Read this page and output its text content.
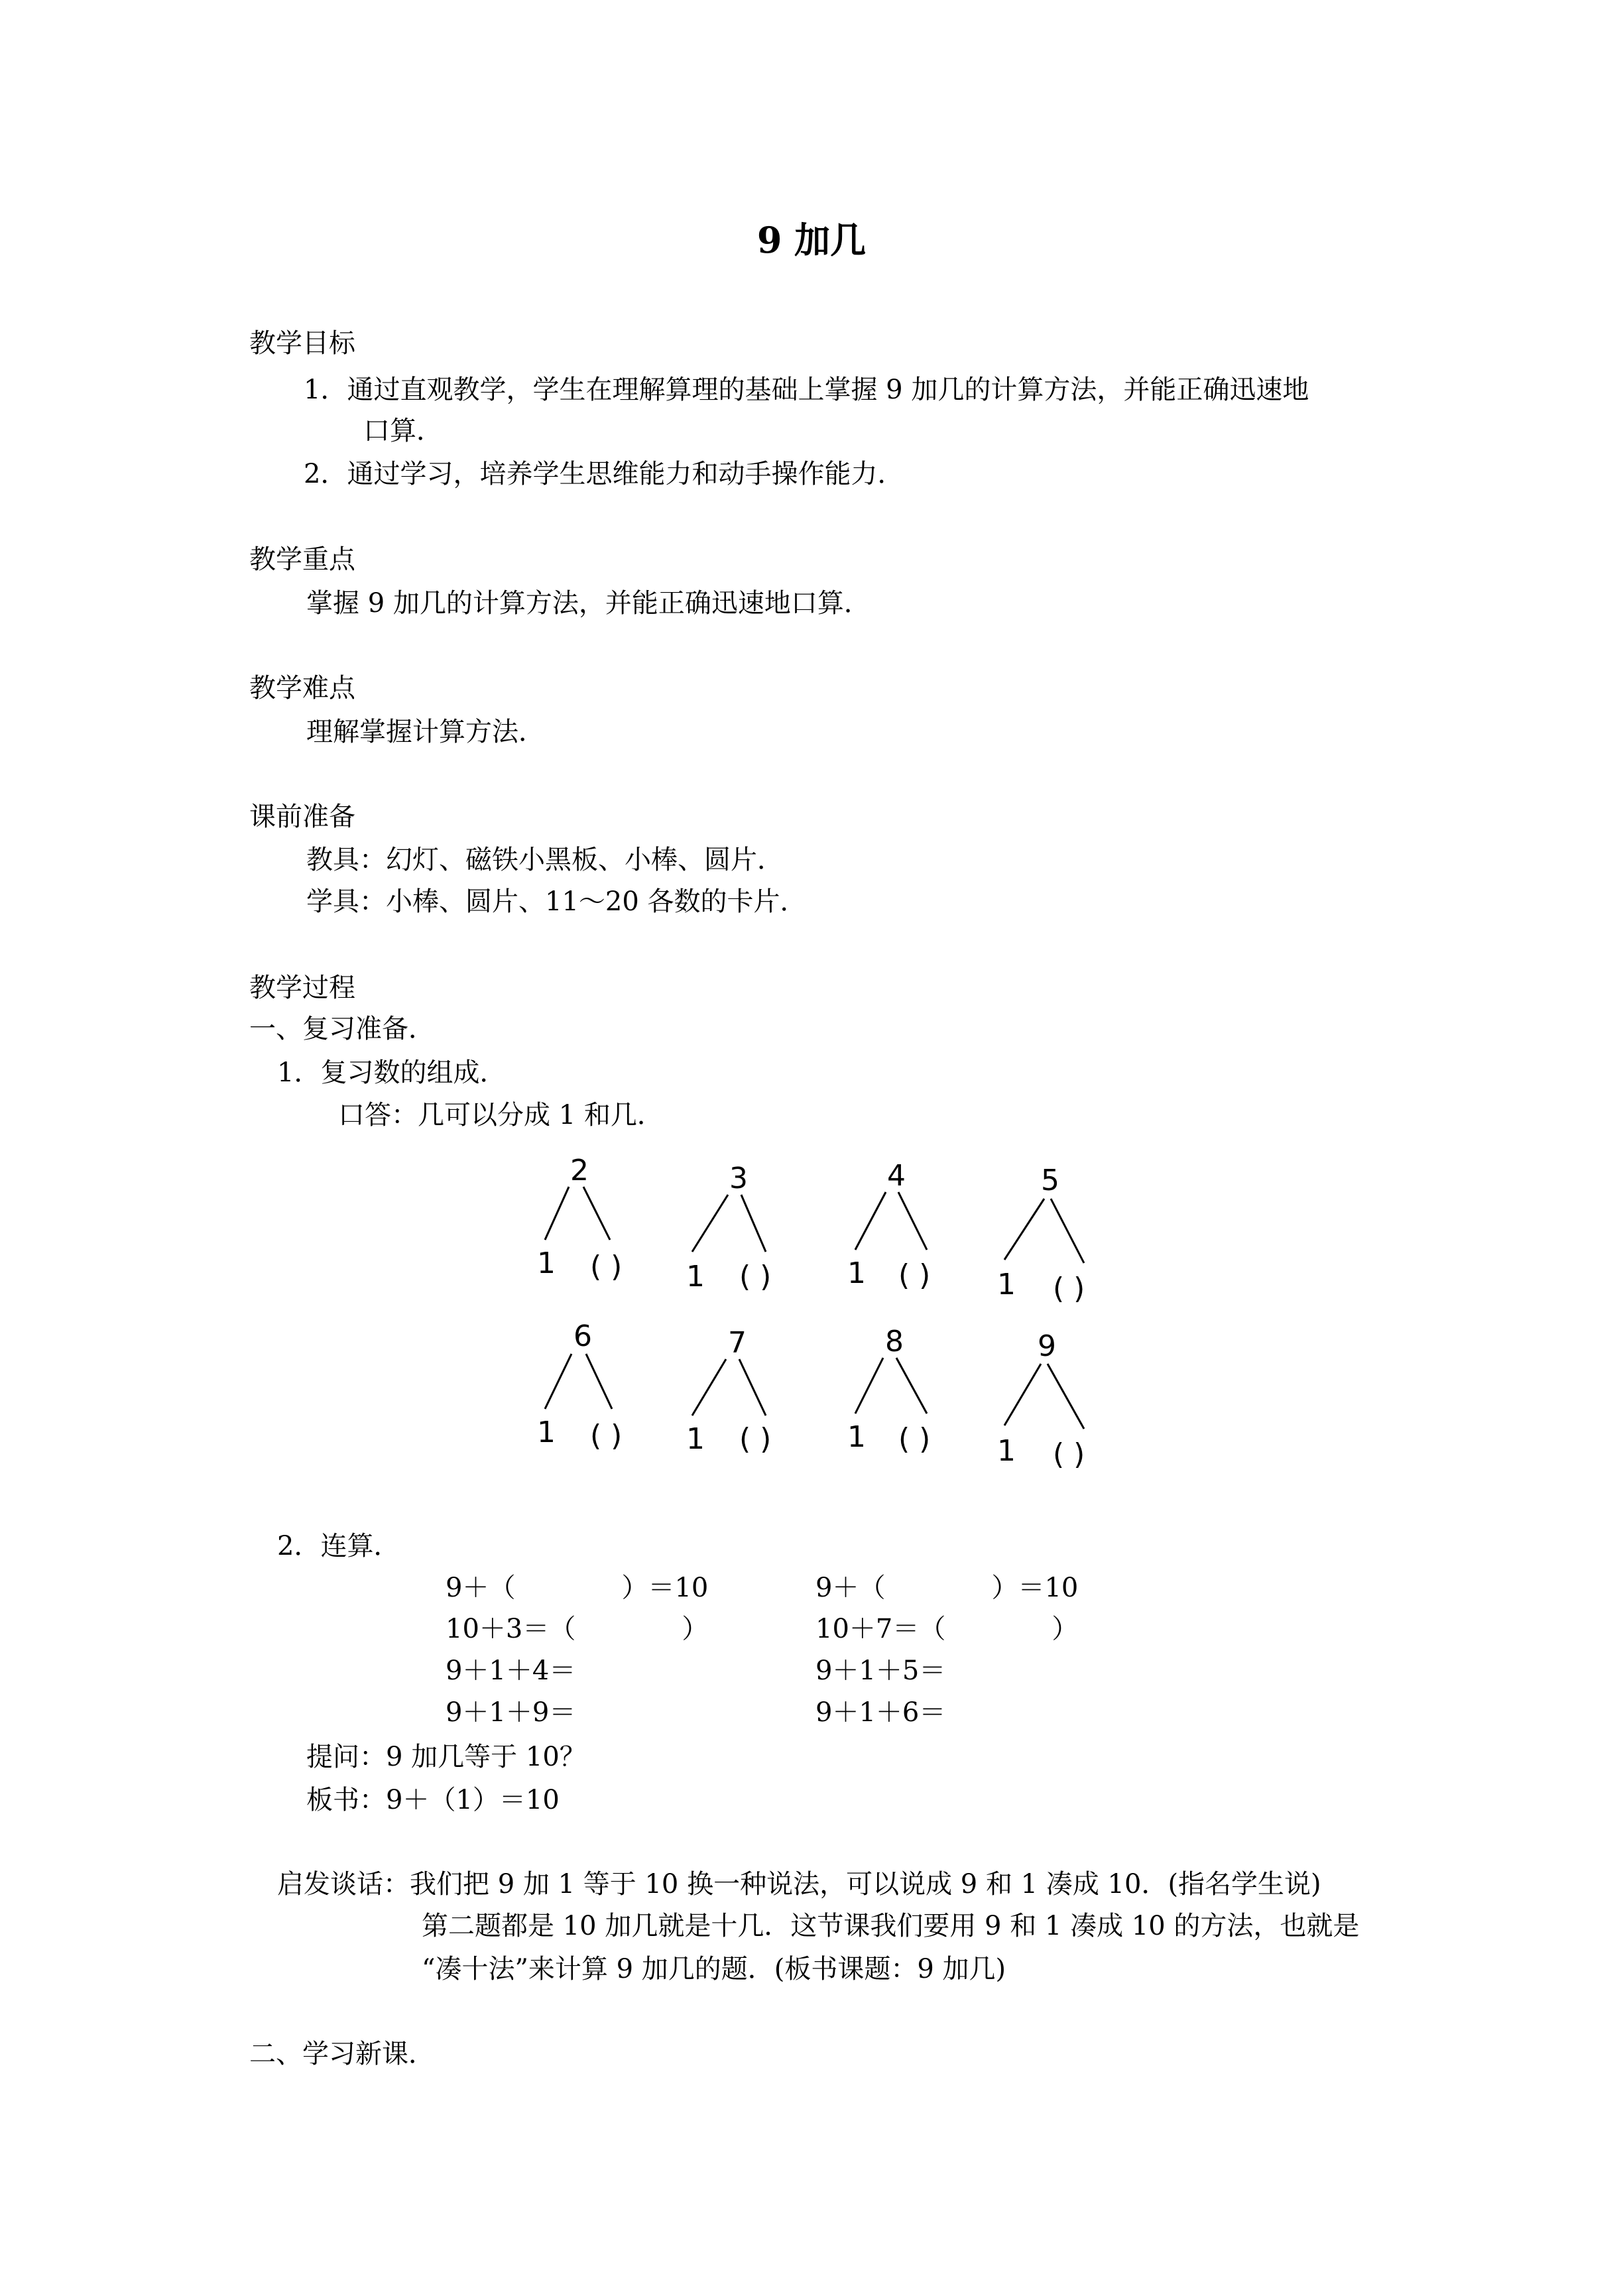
9 加几
教学目标
1．通过直观教学，学生在理解算理的基础上掌握 9 加几的计算方法，并能正确迅速地
口算．
2．通过学习，培养学生思维能力和动手操作能力．
教学重点
掌握 9 加几的计算方法，并能正确迅速地口算．
教学难点
理解掌握计算方法．
课前准备
教具：幻灯、磁铁小黑板、小棒、圆片．
学具：小棒、圆片、11～20 各数的卡片．
教学过程
一、复习准备．
1．复习数的组成．
口答：几可以分成 1 和几．
2
1 ( )
3
1 ( )
4
1 ( )
5
1 ( )
6
1 ( )
7
1 ( )
8
1 ( )
9
1 ( )
2．连算．
9＋（　　　　）＝10
10＋3＝（　　　　）
9＋1＋4＝
9＋1＋9＝
9＋（　　　　）＝10
10＋7＝（　　　　）
9＋1＋5＝
9＋1＋6＝
提问：9 加几等于 10？
板书：9＋（1）＝10
启发谈话：我们把 9 加 1 等于 10 换一种说法，可以说成 9 和 1 凑成 10．(指名学生说)
第二题都是 10 加几就是十几．这节课我们要用 9 和 1 凑成 10 的方法，也就是
“凑十法”来计算 9 加几的题．(板书课题：9 加几)
二、学习新课．
